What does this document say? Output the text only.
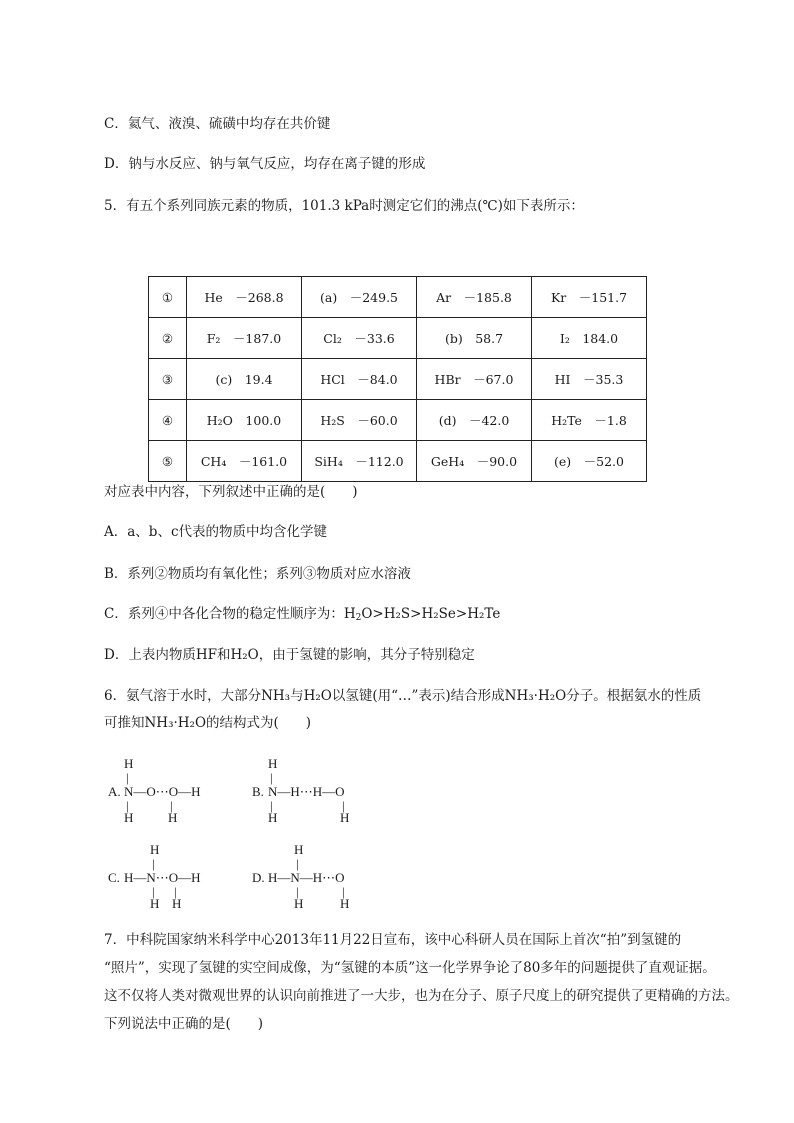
C．氦气、液溴、硫磺中均存在共价键
D．钠与水反应、钠与氧气反应，均存在离子键的形成
5．有五个系列同族元素的物质，101.3 kPa时测定它们的沸点(℃)如下表所示：
①	He　－268.8	(a)　－249.5	Ar　－185.8	Kr　－151.7
②	F₂　－187.0	Cl₂　－33.6	(b)　58.7	I₂　184.0
③	(c)　19.4	HCl　－84.0	HBr　－67.0	HI　－35.3
④	H₂O　100.0	H₂S　－60.0	(d)　－42.0	H₂Te　－1.8
⑤	CH₄　－161.0	SiH₄　－112.0	GeH₄　－90.0	(e)　－52.0
对应表中内容，下列叙述中正确的是(　　)
A．a、b、c代表的物质中均含化学键
B．系列②物质均有氧化性；系列③物质对应水溶液
C．系列④中各化合物的稳定性顺序为：$H_2O>H_2S>H_2Se>H_2Te$
D．上表内物质HF和H₂O，由于氢键的影响，其分子特别稳定
6．氨气溶于水时，大部分NH₃与H₂O以氢键(用“…”表示)结合形成NH₃·H₂O分子。根据氨水的性质
可推知NH₃·H₂O的结构式为(　　)
H
|
A. N—O⋯O—H
|
H
|
H
H
|
B. N—H⋯H—O
|
H
|
H
H
|
C. H—N⋯O—H
|
H
|
H
H
|
D. H—N—H⋯O
|
H
|
H
7．中科院国家纳米科学中心2013年11月22日宣布，该中心科研人员在国际上首次“拍”到氢键的
“照片”，实现了氢键的实空间成像，为“氢键的本质”这一化学界争论了80多年的问题提供了直观证据。
这不仅将人类对微观世界的认识向前推进了一大步，也为在分子、原子尺度上的研究提供了更精确的方法。
下列说法中正确的是(　　)
